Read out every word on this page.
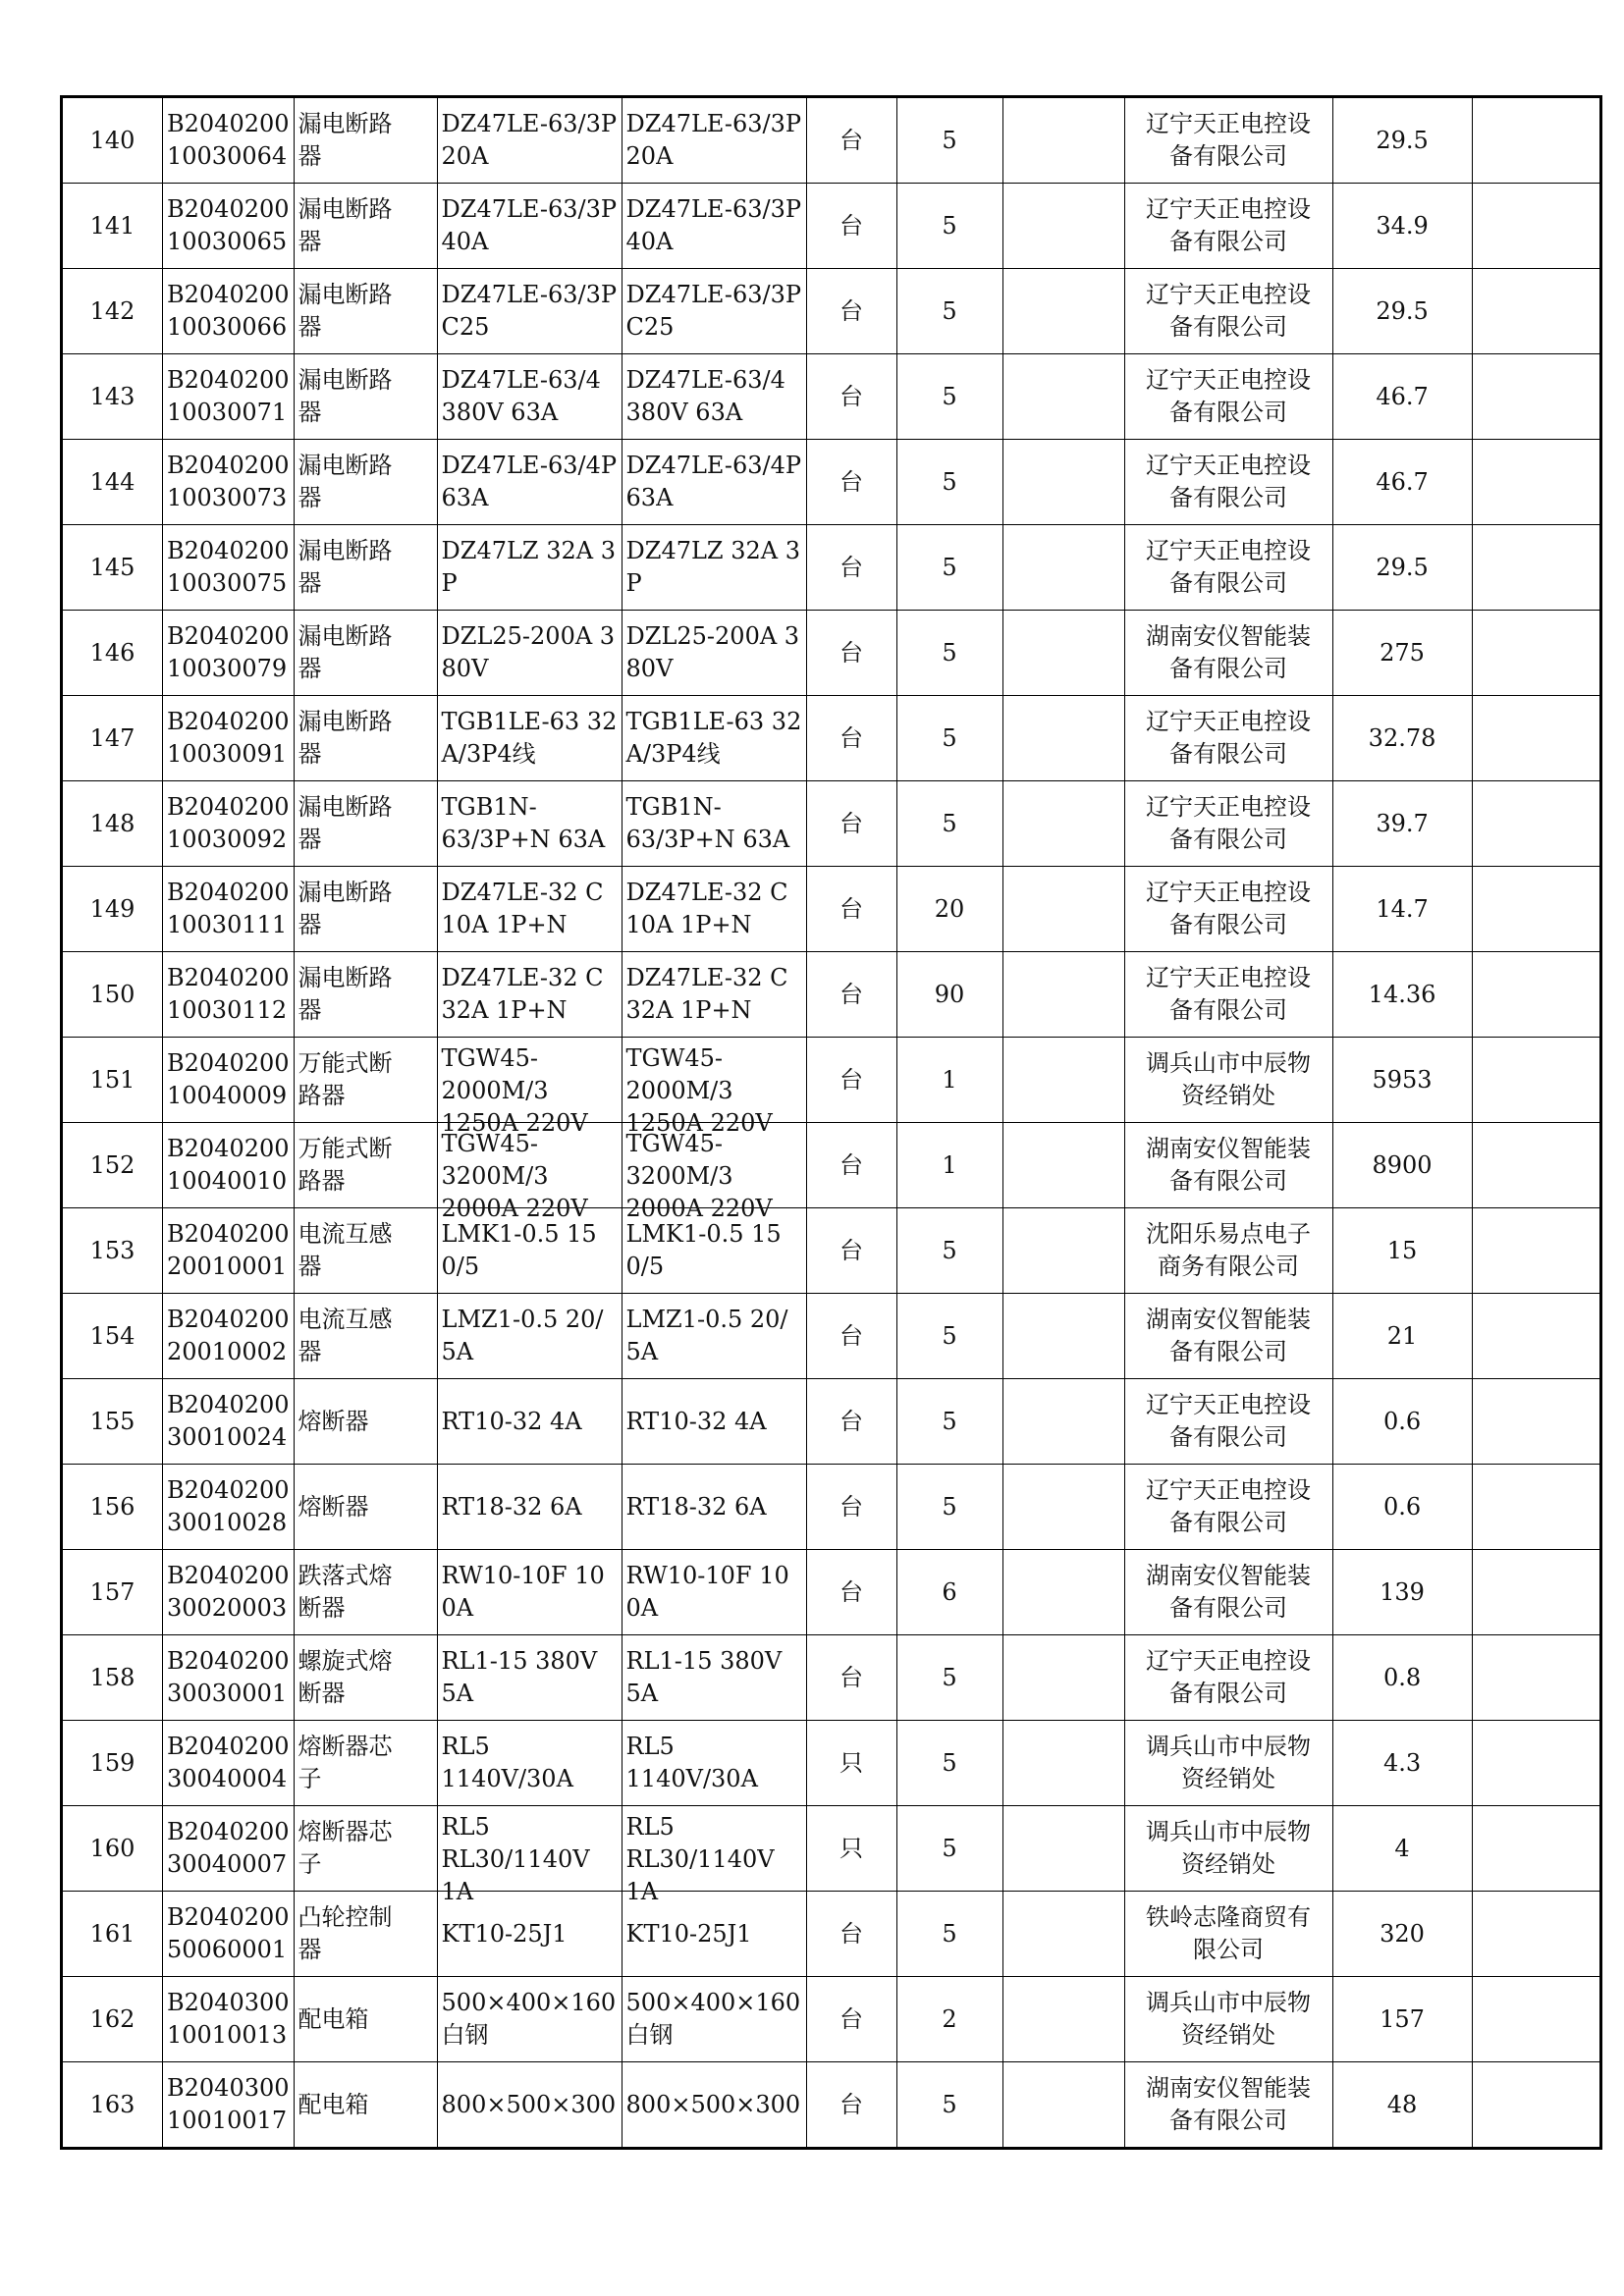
140	B2040200
10030064	漏电断路
器	DZ47LE-63/3P 20A	DZ47LE-63/3P 20A	台	5		辽宁天正电控设
备有限公司	29.5	

141	B2040200
10030065	漏电断路
器	DZ47LE-63/3P 40A	DZ47LE-63/3P 40A	台	5		辽宁天正电控设
备有限公司	34.9	

142	B2040200
10030066	漏电断路
器	DZ47LE-63/3P C25	DZ47LE-63/3P C25	台	5		辽宁天正电控设
备有限公司	29.5	

143	B2040200
10030071	漏电断路
器	DZ47LE-63/4 380V 63A	DZ47LE-63/4 380V 63A	台	5		辽宁天正电控设
备有限公司	46.7	

144	B2040200
10030073	漏电断路
器	DZ47LE-63/4P 63A	DZ47LE-63/4P 63A	台	5		辽宁天正电控设
备有限公司	46.7	

145	B2040200
10030075	漏电断路
器	DZ47LZ 32A 3P	DZ47LZ 32A 3P	台	5		辽宁天正电控设
备有限公司	29.5	

146	B2040200
10030079	漏电断路
器	DZL25-200A 380V	DZL25-200A 380V	台	5		湖南安仪智能装
备有限公司	275	

147	B2040200
10030091	漏电断路
器	TGB1LE-63 32A/3P4线	TGB1LE-63 32A/3P4线	台	5		辽宁天正电控设
备有限公司	32.78	

148	B2040200
10030092	漏电断路
器	TGB1N-
63/3P+N 63A	TGB1N-
63/3P+N 63A	台	5		辽宁天正电控设
备有限公司	39.7	

149	B2040200
10030111	漏电断路
器	DZ47LE-32 C10A 1P+N	DZ47LE-32 C10A 1P+N	台	20		辽宁天正电控设
备有限公司	14.7	

150	B2040200
10030112	漏电断路
器	DZ47LE-32 C32A 1P+N	DZ47LE-32 C32A 1P+N	台	90		辽宁天正电控设
备有限公司	14.36	

151	B2040200
10040009	万能式断
路器	TGW45-
2000M/3
1250A 220V	TGW45-
2000M/3
1250A 220V	台	1		调兵山市中辰物
资经销处	5953	

152	B2040200
10040010	万能式断
路器	TGW45-
3200M/3
2000A 220V	TGW45-
3200M/3
2000A 220V	台	1		湖南安仪智能装
备有限公司	8900	

153	B2040200
20010001	电流互感
器	LMK1-0.5 150/5	LMK1-0.5 150/5	台	5		沈阳乐易点电子
商务有限公司	15	

154	B2040200
20010002	电流互感
器	LMZ1-0.5 20/5A	LMZ1-0.5 20/5A	台	5		湖南安仪智能装
备有限公司	21	

155	B2040200
30010024	熔断器	RT10-32 4A	RT10-32 4A	台	5		辽宁天正电控设
备有限公司	0.6	

156	B2040200
30010028	熔断器	RT18-32 6A	RT18-32 6A	台	5		辽宁天正电控设
备有限公司	0.6	

157	B2040200
30020003	跌落式熔
断器	RW10-10F 100A	RW10-10F 100A	台	6		湖南安仪智能装
备有限公司	139	

158	B2040200
30030001	螺旋式熔
断器	RL1-15 380V 5A	RL1-15 380V 5A	台	5		辽宁天正电控设
备有限公司	0.8	

159	B2040200
30040004	熔断器芯
子	RL5
1140V/30A	RL5
1140V/30A	只	5		调兵山市中辰物
资经销处	4.3	

160	B2040200
30040007	熔断器芯
子	RL5
RL30/1140V
1A	RL5
RL30/1140V
1A	只	5		调兵山市中辰物
资经销处	4	

161	B2040200
50060001	凸轮控制
器	KT10-25J1	KT10-25J1	台	5		铁岭志隆商贸有
限公司	320	

162	B2040300
10010013	配电箱	500×400×160 白钢	500×400×160 白钢	台	2		调兵山市中辰物
资经销处	157	

163	B2040300
10010017	配电箱	800×500×300	800×500×300	台	5		湖南安仪智能装
备有限公司	48	
